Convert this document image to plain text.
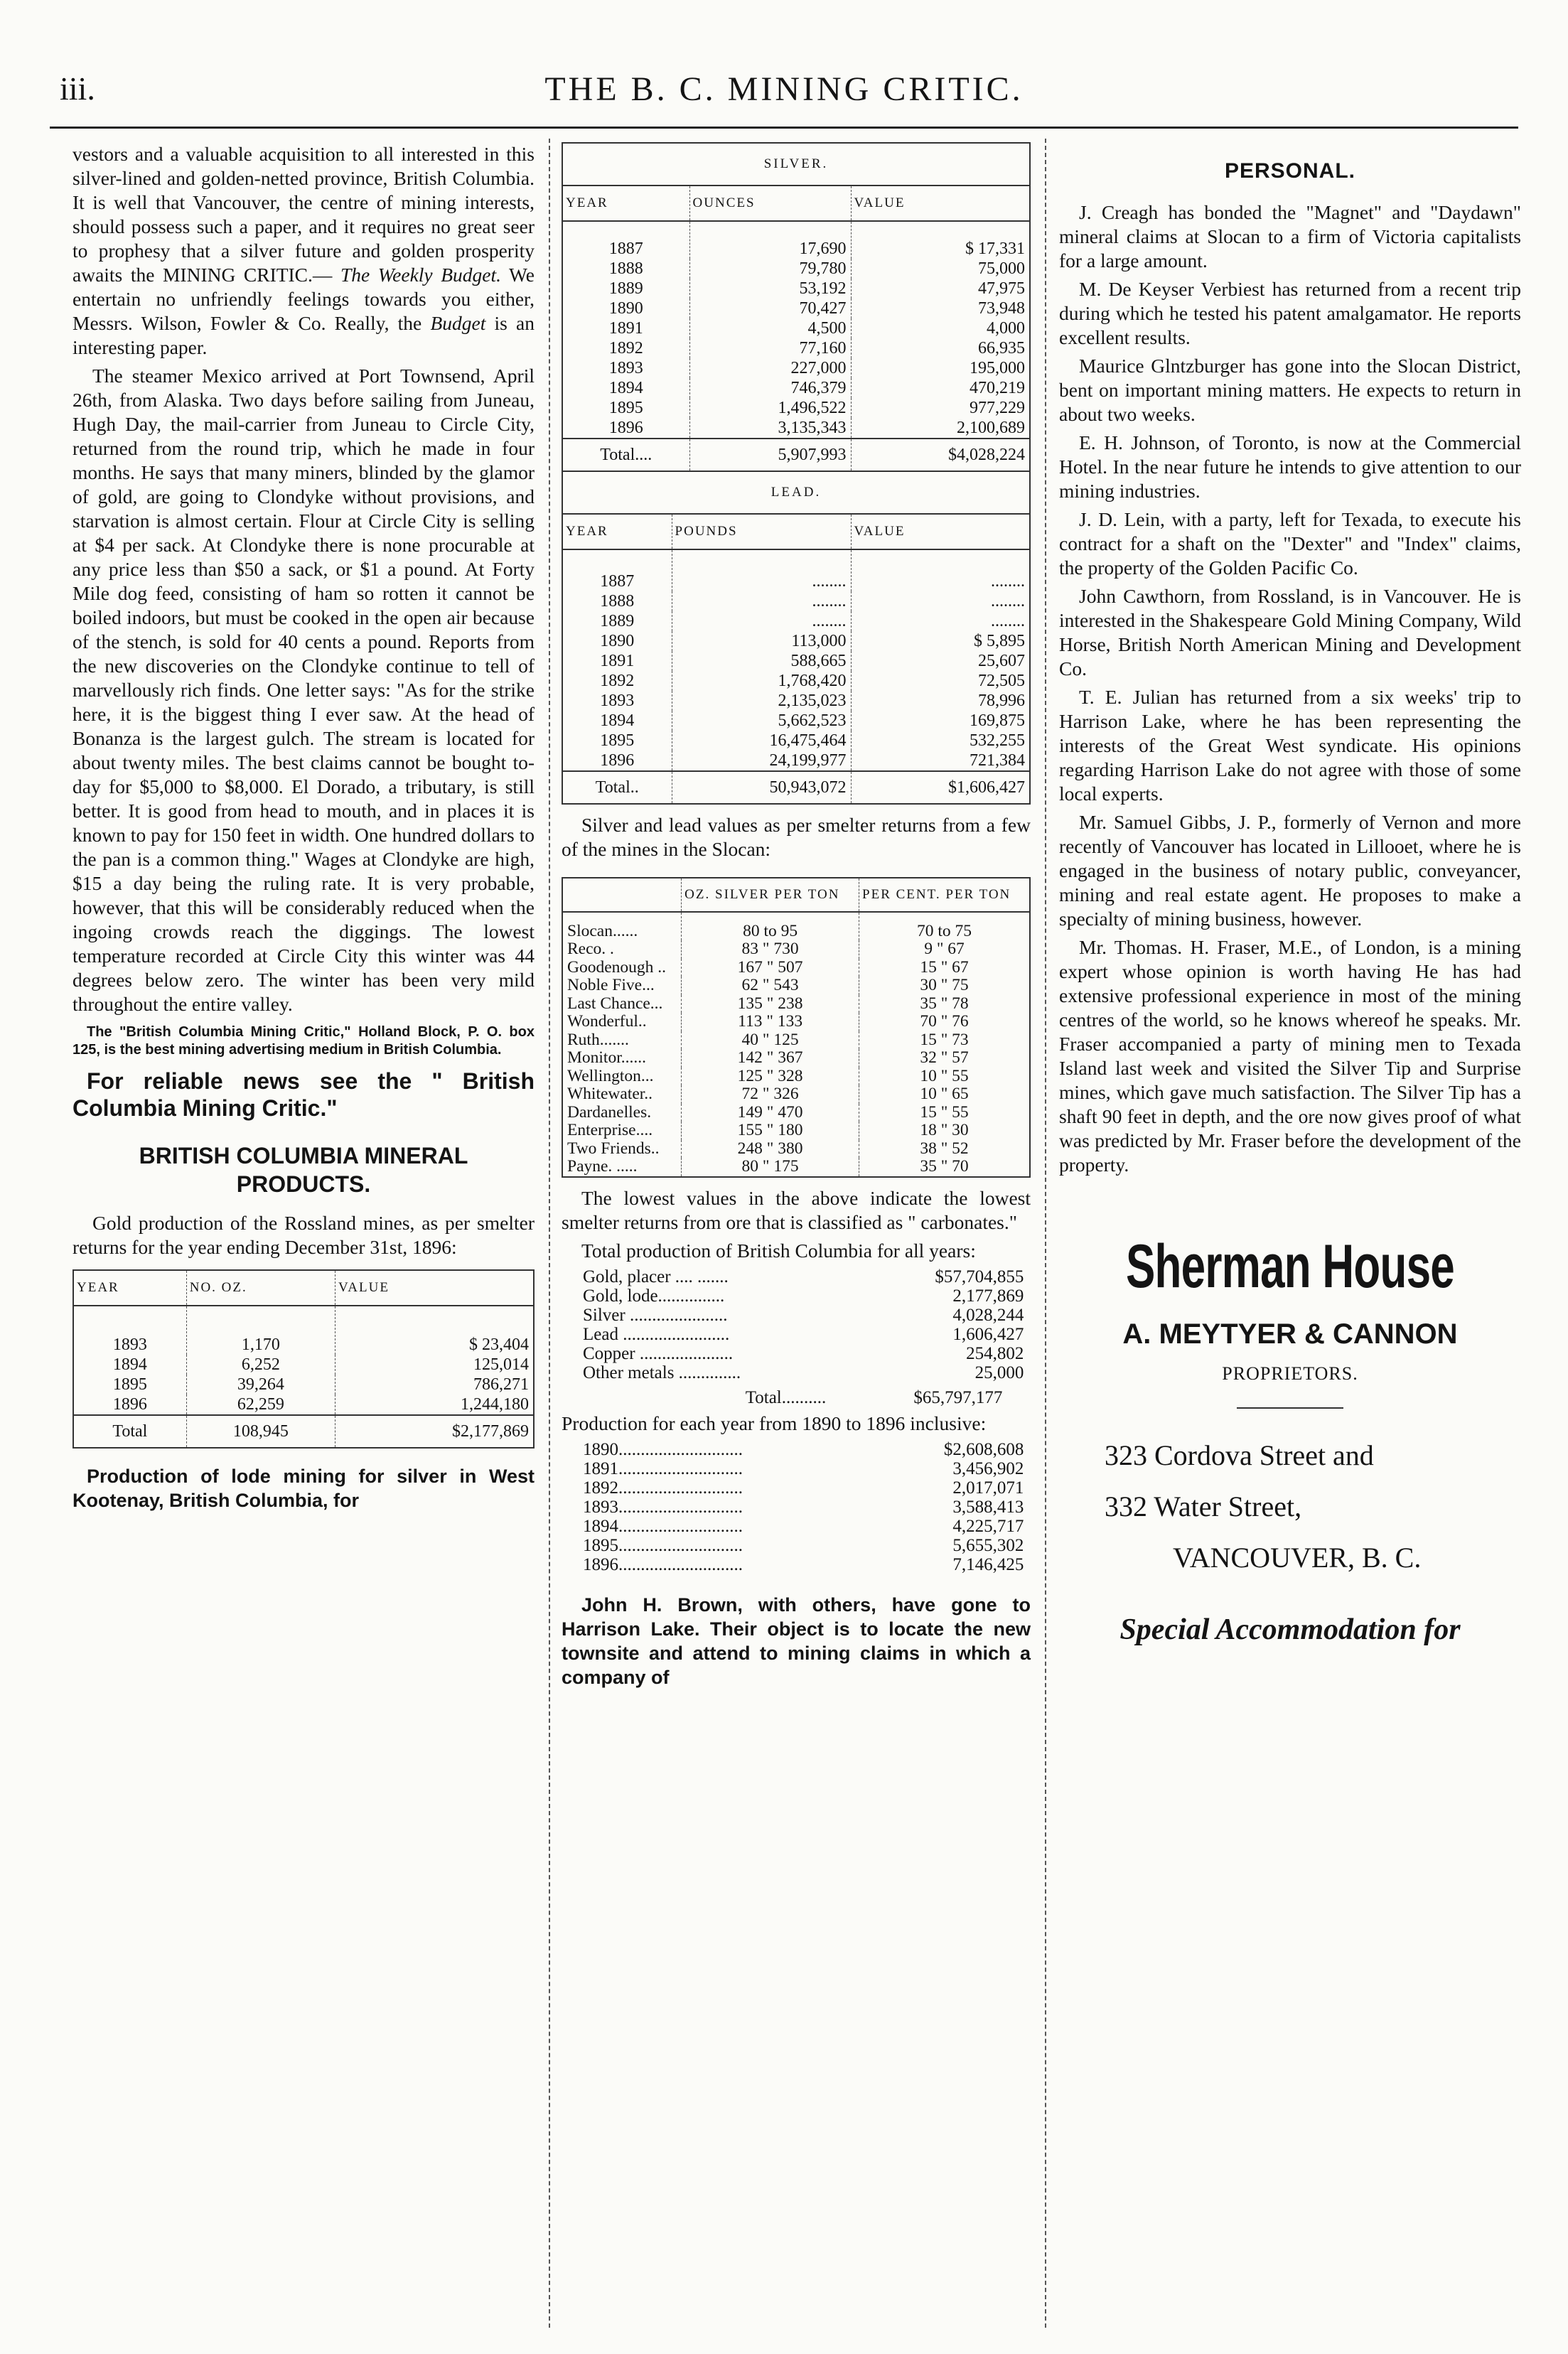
iii.	THE B. C. MINING CRITIC.

vestors and a valuable acquisition to all interested in this silver-lined and golden-netted province, British Columbia. It is well that Vancouver, the centre of mining interests, should possess such a paper, and it requires no great seer to prophesy that a silver future and golden prosperity awaits the MINING CRITIC.— The Weekly Budget. We entertain no unfriendly feelings towards you either, Messrs. Wilson, Fowler & Co. Really, the Budget is an interesting paper.

The steamer Mexico arrived at Port Townsend, April 26th, from Alaska. Two days before sailing from Juneau, Hugh Day, the mail-carrier from Juneau to Circle City, returned from the round trip, which he made in four months. He says that many miners, blinded by the glamor of gold, are going to Clondyke without provisions, and starvation is almost certain. Flour at Circle City is selling at $4 per sack. At Clondyke there is none procurable at any price less than $50 a sack, or $1 a pound. At Forty Mile dog feed, consisting of ham so rotten it cannot be boiled indoors, but must be cooked in the open air because of the stench, is sold for 40 cents a pound. Reports from the new discoveries on the Clondyke continue to tell of marvellously rich finds. One letter says: "As for the strike here, it is the biggest thing I ever saw. At the head of Bonanza is the largest gulch. The stream is located for about twenty miles. The best claims cannot be bought to-day for $5,000 to $8,000. El Dorado, a tributary, is still better. It is good from head to mouth, and in places it is known to pay for 150 feet in width. One hundred dollars to the pan is a common thing." Wages at Clondyke are high, $15 a day being the ruling rate. It is very probable, however, that this will be considerably reduced when the ingoing crowds reach the diggings. The lowest temperature recorded at Circle City this winter was 44 degrees below zero. The winter has been very mild throughout the entire valley.

The "British Columbia Mining Critic," Holland Block, P. O. box 125, is the best mining advertising medium in British Columbia.

For reliable news see the " British Columbia Mining Critic."

BRITISH COLUMBIA MINERAL PRODUCTS.

Gold production of the Rossland mines, as per smelter returns for the year ending December 31st, 1896:

YEAR	NO. OZ.	VALUE
1893	1,170	$ 23,404
1894	6,252	125,014
1895	39,264	786,271
1896	62,259	1,244,180
Total	108,945	$2,177,869

Production of lode mining for silver in West Kootenay, British Columbia, for

SILVER.
YEAR	OUNCES	VALUE
1887	17,690	$ 17,331
1888	79,780	75,000
1889	53,192	47,975
1890	70,427	73,948
1891	4,500	4,000
1892	77,160	66,935
1893	227,000	195,000
1894	746,379	470,219
1895	1,496,522	977,229
1896	3,135,343	2,100,689
Total....	5,907,993	$4,028,224
LEAD.
YEAR	POUNDS	VALUE
1887	........	........
1888	........	........
1889	........	........
1890	113,000	$ 5,895
1891	588,665	25,607
1892	1,768,420	72,505
1893	2,135,023	78,996
1894	5,662,523	169,875
1895	16,475,464	532,255
1896	24,199,977	721,384
Total..	50,943,072	$1,606,427

Silver and lead values as per smelter returns from a few of the mines in the Slocan:

	OZ. SILVER PER TON	PER CENT. PER TON
Slocan......	80 to 95	70 to 75
Reco. .	83 " 730	9 " 67
Goodenough ..	167 " 507	15 " 67
Noble Five...	62 " 543	30 " 75
Last Chance...	135 " 238	35 " 78
Wonderful..	113 " 133	70 " 76
Ruth.......	40 " 125	15 " 73
Monitor......	142 " 367	32 " 57
Wellington...	125 " 328	10 " 55
Whitewater..	72 " 326	10 " 65
Dardanelles.	149 " 470	15 " 55
Enterprise....	155 " 180	18 " 30
Two Friends..	248 " 380	38 " 52
Payne. .....	80 " 175	35 " 70

The lowest values in the above indicate the lowest smelter returns from ore that is classified as " carbonates."

Total production of British Columbia for all years:

Gold, placer .... .......	$57,704,855
Gold, lode...............	2,177,869
Silver ......................	4,028,244
Lead ........................	1,606,427
Copper .....................	254,802
Other metals ..............	25,000
Total..........	$65,797,177

Production for each year from 1890 to 1896 inclusive:

1890............................	$2,608,608
1891............................	3,456,902
1892............................	2,017,071
1893............................	3,588,413
1894............................	4,225,717
1895............................	5,655,302
1896............................	7,146,425

John H. Brown, with others, have gone to Harrison Lake. Their object is to locate the new townsite and attend to mining claims in which a company of

PERSONAL.

J. Creagh has bonded the "Magnet" and "Daydawn" mineral claims at Slocan to a firm of Victoria capitalists for a large amount.

M. De Keyser Verbiest has returned from a recent trip during which he tested his patent amalgamator. He reports excellent results.

Maurice Glntzburger has gone into the Slocan District, bent on important mining matters. He expects to return in about two weeks.

E. H. Johnson, of Toronto, is now at the Commercial Hotel. In the near future he intends to give attention to our mining industries.

J. D. Lein, with a party, left for Texada, to execute his contract for a shaft on the "Dexter" and "Index" claims, the property of the Golden Pacific Co.

John Cawthorn, from Rossland, is in Vancouver. He is interested in the Shakespeare Gold Mining Company, Wild Horse, British North American Mining and Development Co.

T. E. Julian has returned from a six weeks' trip to Harrison Lake, where he has been representing the interests of the Great West syndicate. His opinions regarding Harrison Lake do not agree with those of some local experts.

Mr. Samuel Gibbs, J. P., formerly of Vernon and more recently of Vancouver has located in Lillooet, where he is engaged in the business of notary public, conveyancer, mining and real estate agent. He proposes to make a specialty of mining business, however.

Mr. Thomas. H. Fraser, M.E., of London, is a mining expert whose opinion is worth having He has had extensive professional experience in most of the mining centres of the world, so he knows whereof he speaks. Mr. Fraser accompanied a party of mining men to Texada Island last week and visited the Silver Tip and Surprise mines, which gave much satisfaction. The Silver Tip has a shaft 90 feet in depth, and the ore now gives proof of what was predicted by Mr. Fraser before the development of the property.

Sherman House
A. MEYTYER & CANNON
PROPRIETORS.
323 Cordova Street and
332 Water Street,
VANCOUVER, B. C.
Special Accommodation for
